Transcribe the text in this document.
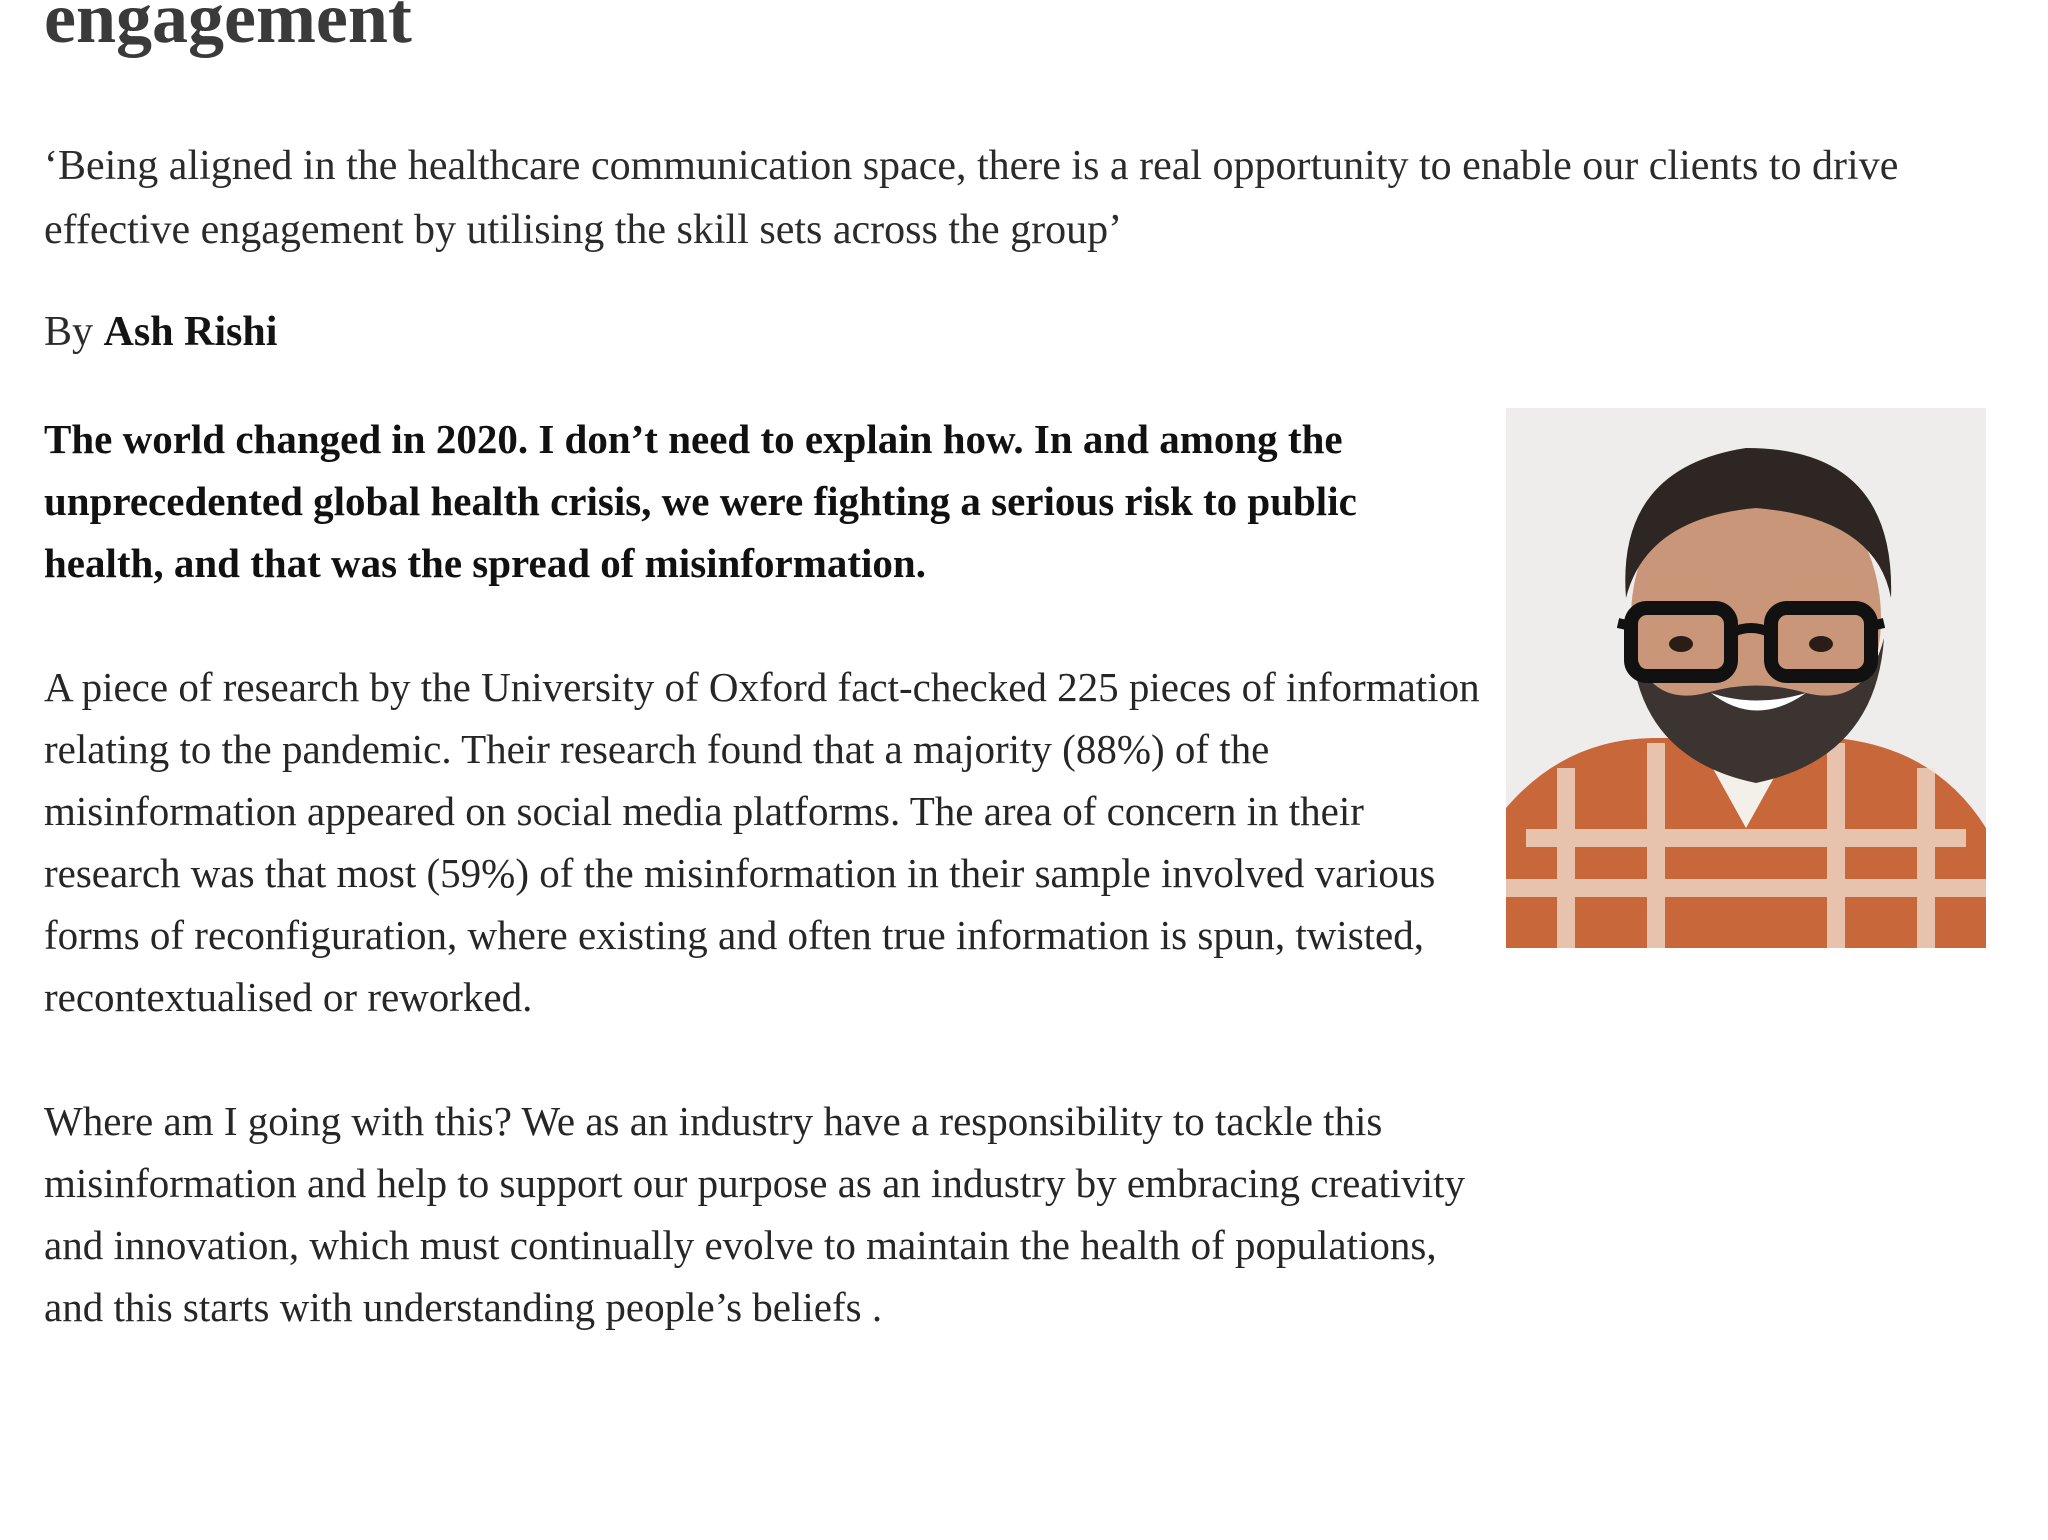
engagement

‘Being aligned in the healthcare communication space, there is a real opportunity to enable our clients to drive effective engagement by utilising the skill sets across the group’

By Ash Rishi

The world changed in 2020. I don’t need to explain how. In and among the unprecedented global health crisis, we were fighting a serious risk to public health, and that was the spread of misinformation.

A piece of research by the University of Oxford fact-checked 225 pieces of information relating to the pandemic. Their research found that a majority (88%) of the misinformation appeared on social media platforms. The area of concern in their research was that most (59%) of the misinformation in their sample involved various forms of reconfiguration, where existing and often true information is spun, twisted, recontextualised or reworked.

Where am I going with this? We as an industry have a responsibility to tackle this misinformation and help to support our purpose as an industry by embracing creativity and innovation, which must continually evolve to maintain the health of populations, and this starts with understanding people’s beliefs .
